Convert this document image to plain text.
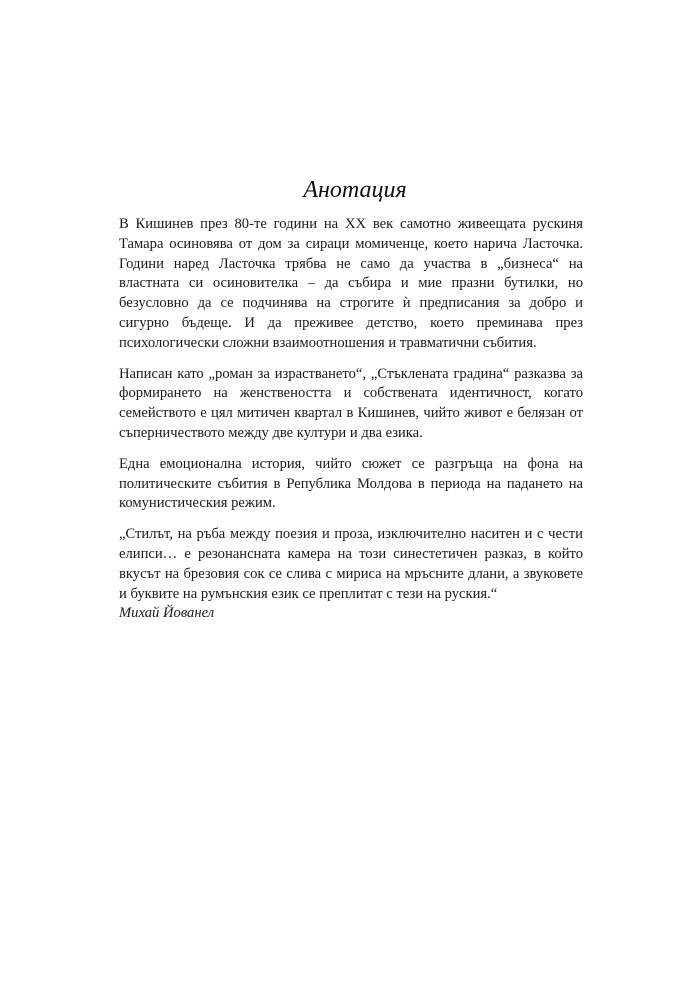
Анотация

В Кишинев през 80-те години на XX век самотно живеещата рускиня Тамара осиновява от дом за сираци момиченце, което нарича Ласточка. Години наред Ласточка трябва не само да участва в „бизнеса“ на властната си осиновителка – да събира и мие празни бутилки, но безусловно да се подчинява на строгите ѝ предписания за добро и сигурно бъдеще. И да преживее детство, което преминава през психологически сложни взаимоотношения и травматични събития.

Написан като „роман за израстването“, „Стъклената градина“ разказва за формирането на женствеността и собствената идентичност, когато семейството е цял митичен квартал в Кишинев, чийто живот е белязан от съперничеството между две култури и два езика.

Една емоционална история, чийто сюжет се разгръща на фона на политическите събития в Република Молдова в периода на падането на комунистическия режим.

„Стилът, на ръба между поезия и проза, изключително наситен и с чести елипси… е резонансната камера на този синестетичен разказ, в който вкусът на брезовия сок се слива с мириса на мръсните длани, а звуковете и буквите на румънския език се преплитат с тези на руския.“

Михай Йованел
